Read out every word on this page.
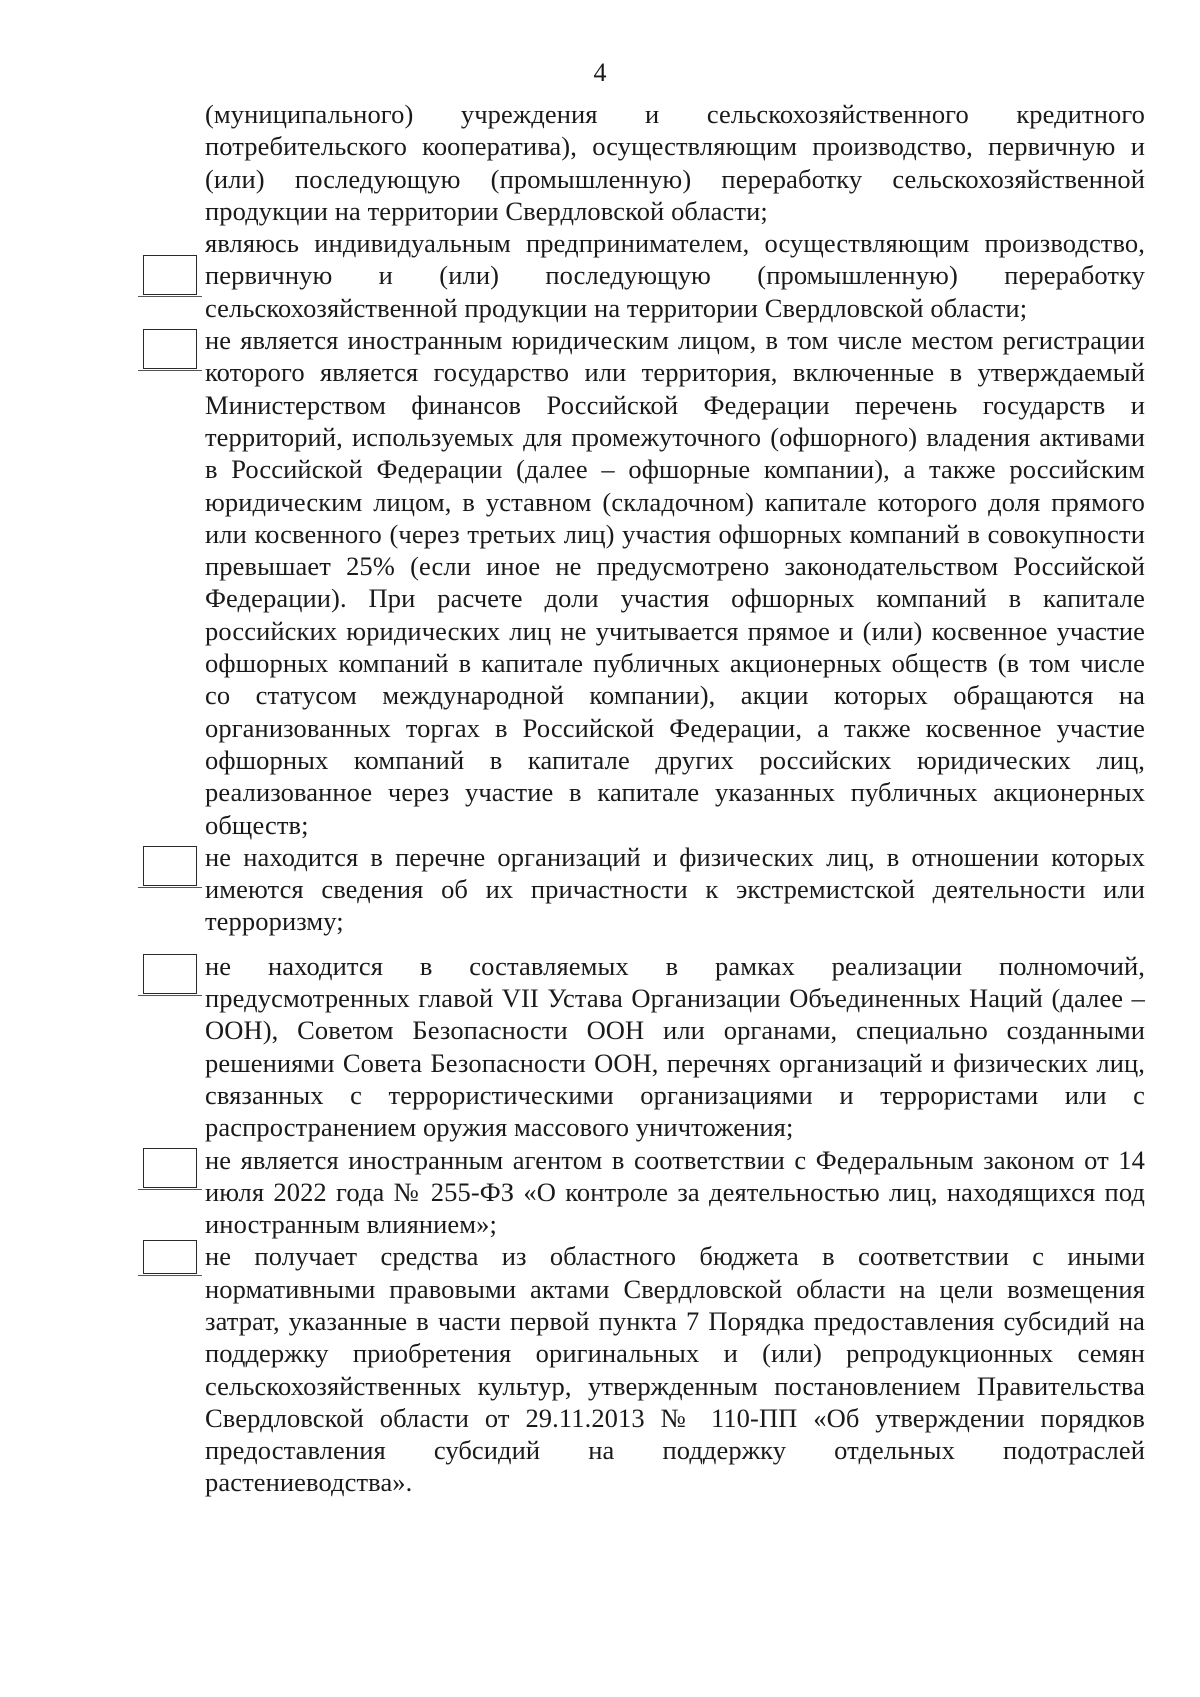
4
(муниципального) учреждения и сельскохозяйственного кредитного потребительского кооператива), осуществляющим производство, первичную и (или) последующую (промышленную) переработку сельскохозяйственной продукции на территории Свердловской области;
являюсь индивидуальным предпринимателем, осуществляющим производство, первичную и (или) последующую (промышленную) переработку сельскохозяйственной продукции на территории Свердловской области;
не является иностранным юридическим лицом, в том числе местом регистрации которого является государство или территория, включенные в утверждаемый Министерством финансов Российской Федерации перечень государств и территорий, используемых для промежуточного (офшорного) владения активами в Российской Федерации (далее – офшорные компании), а также российским юридическим лицом, в уставном (складочном) капитале которого доля прямого или косвенного (через третьих лиц) участия офшорных компаний в совокупности превышает 25% (если иное не предусмотрено законодательством Российской Федерации). При расчете доли участия офшорных компаний в капитале российских юридических лиц не учитывается прямое и (или) косвенное участие офшорных компаний в капитале публичных акционерных обществ (в том числе со статусом международной компании), акции которых обращаются на организованных торгах в Российской Федерации, а также косвенное участие офшорных компаний в капитале других российских юридических лиц, реализованное через участие в капитале указанных публичных акционерных обществ;
не находится в перечне организаций и физических лиц, в отношении которых имеются сведения об их причастности к экстремистской деятельности или терроризму;
не находится в составляемых в рамках реализации полномочий, предусмотренных главой VII Устава Организации Объединенных Наций (далее – ООН), Советом Безопасности ООН или органами, специально созданными решениями Совета Безопасности ООН, перечнях организаций и физических лиц, связанных с террористическими организациями и террористами или с распространением оружия массового уничтожения;
не является иностранным агентом в соответствии с Федеральным законом от 14 июля 2022 года № 255-ФЗ «О контроле за деятельностью лиц, находящихся под иностранным влиянием»;
не получает средства из областного бюджета в соответствии с иными нормативными правовыми актами Свердловской области на цели возмещения затрат, указанные в части первой пункта 7 Порядка предоставления субсидий на поддержку приобретения оригинальных и (или) репродукционных семян сельскохозяйственных культур, утвержденным постановлением Правительства Свердловской области от 29.11.2013 № 110-ПП «Об утверждении порядков предоставления субсидий на поддержку отдельных подотраслей растениеводства».
